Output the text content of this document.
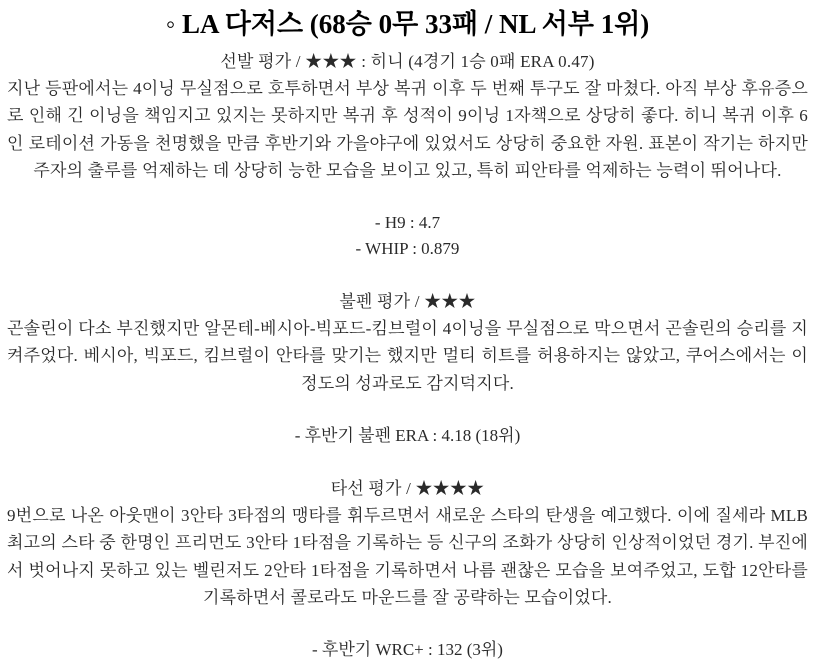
◦ LA 다저스 (68승 0무 33패 / NL 서부 1위)
선발 평가 / ★★★ : 히니 (4경기 1승 0패 ERA 0.47)

지난 등판에서는 4이닝 무실점으로 호투하면서 부상 복귀 이후 두 번째 투구도 잘 마쳤다. 아직 부상 후유증으로 인해 긴 이닝을 책임지고 있지는 못하지만 복귀 후 성적이 9이닝 1자책으로 상당히 좋다. 히니 복귀 이후 6인 로테이션 가동을 천명했을 만큼 후반기와 가을야구에 있었서도 상당히 중요한 자원. 표본이 작기는 하지만 주자의 출루를 억제하는 데 상당히 능한 모습을 보이고 있고, 특히 피안타를 억제하는 능력이 뛰어나다.

- H9 : 4.7
- WHIP : 0.879
불펜 평가 / ★★★

곤솔린이 다소 부진했지만 알몬테-베시아-빅포드-킴브럴이 4이닝을 무실점으로 막으면서 곤솔린의 승리를 지켜주었다. 베시아, 빅포드, 킴브럴이 안타를 맞기는 했지만 멀티 히트를 허용하지는 않았고, 쿠어스에서는 이 정도의 성과로도 감지덕지다.

- 후반기 불펜 ERA : 4.18 (18위)
타선 평가 / ★★★★

9번으로 나온 아웃맨이 3안타 3타점의 맹타를 휘두르면서 새로운 스타의 탄생을 예고했다. 이에 질세라 MLB 최고의 스타 중 한명인 프리먼도 3안타 1타점을 기록하는 등 신구의 조화가 상당히 인상적이었던 경기. 부진에서 벗어나지 못하고 있는 벨린저도 2안타 1타점을 기록하면서 나름 괜찮은 모습을 보여주었고, 도합 12안타를 기록하면서 콜로라도 마운드를 잘 공략하는 모습이었다.

- 후반기 WRC+ : 132 (3위)
